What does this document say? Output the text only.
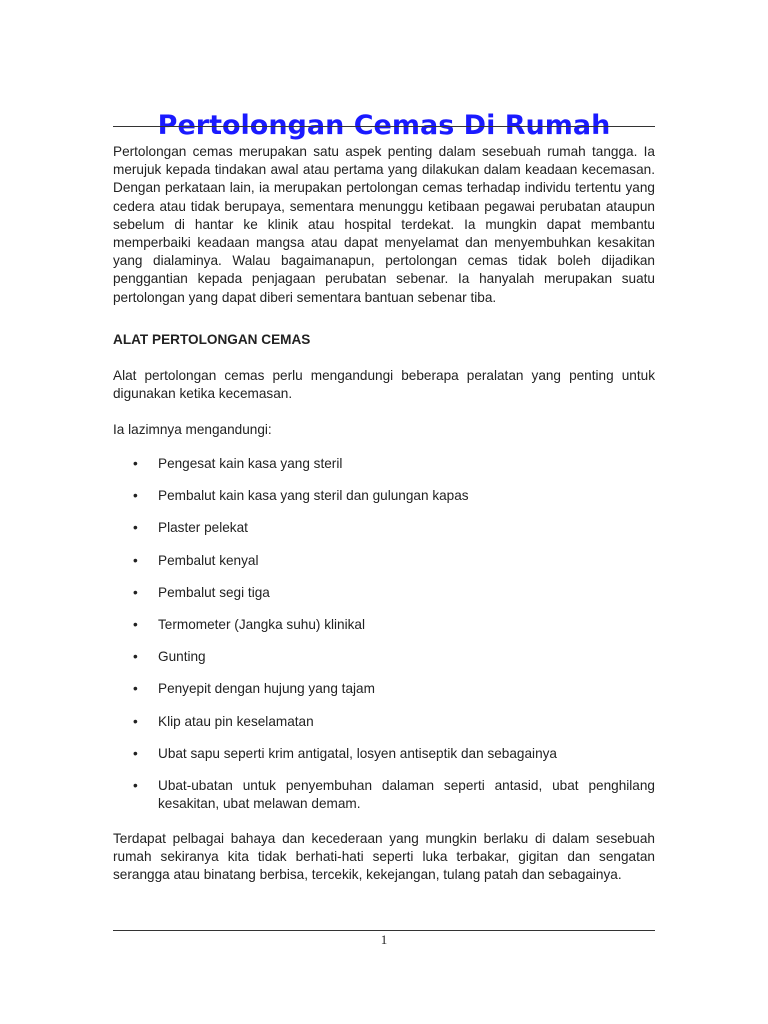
Pertolongan Cemas Di Rumah

Pertolongan cemas merupakan satu aspek penting dalam sesebuah rumah tangga. Ia merujuk kepada tindakan awal atau pertama yang dilakukan dalam keadaan kecemasan. Dengan perkataan lain, ia merupakan pertolongan cemas terhadap individu tertentu yang cedera atau tidak berupaya, sementara menunggu ketibaan pegawai perubatan ataupun sebelum di hantar ke klinik atau hospital terdekat. Ia mungkin dapat membantu memperbaiki keadaan mangsa atau dapat menyelamat dan menyembuhkan kesakitan yang dialaminya. Walau bagaimanapun, pertolongan cemas tidak boleh dijadikan penggantian kepada penjagaan perubatan sebenar. Ia hanyalah merupakan suatu pertolongan yang dapat diberi sementara bantuan sebenar tiba.

ALAT PERTOLONGAN CEMAS

Alat pertolongan cemas perlu mengandungi beberapa peralatan yang penting untuk digunakan ketika kecemasan.

Ia lazimnya mengandungi:

• Pengesat kain kasa yang steril
• Pembalut kain kasa yang steril dan gulungan kapas
• Plaster pelekat
• Pembalut kenyal
• Pembalut segi tiga
• Termometer (Jangka suhu) klinikal
• Gunting
• Penyepit dengan hujung yang tajam
• Klip atau pin keselamatan
• Ubat sapu seperti krim antigatal, losyen antiseptik dan sebagainya
• Ubat-ubatan untuk penyembuhan dalaman seperti antasid, ubat penghilang kesakitan, ubat melawan demam.

Terdapat pelbagai bahaya dan kecederaan yang mungkin berlaku di dalam sesebuah rumah sekiranya kita tidak berhati-hati seperti luka terbakar, gigitan dan sengatan serangga atau binatang berbisa, tercekik, kekejangan, tulang patah dan sebagainya.

1
